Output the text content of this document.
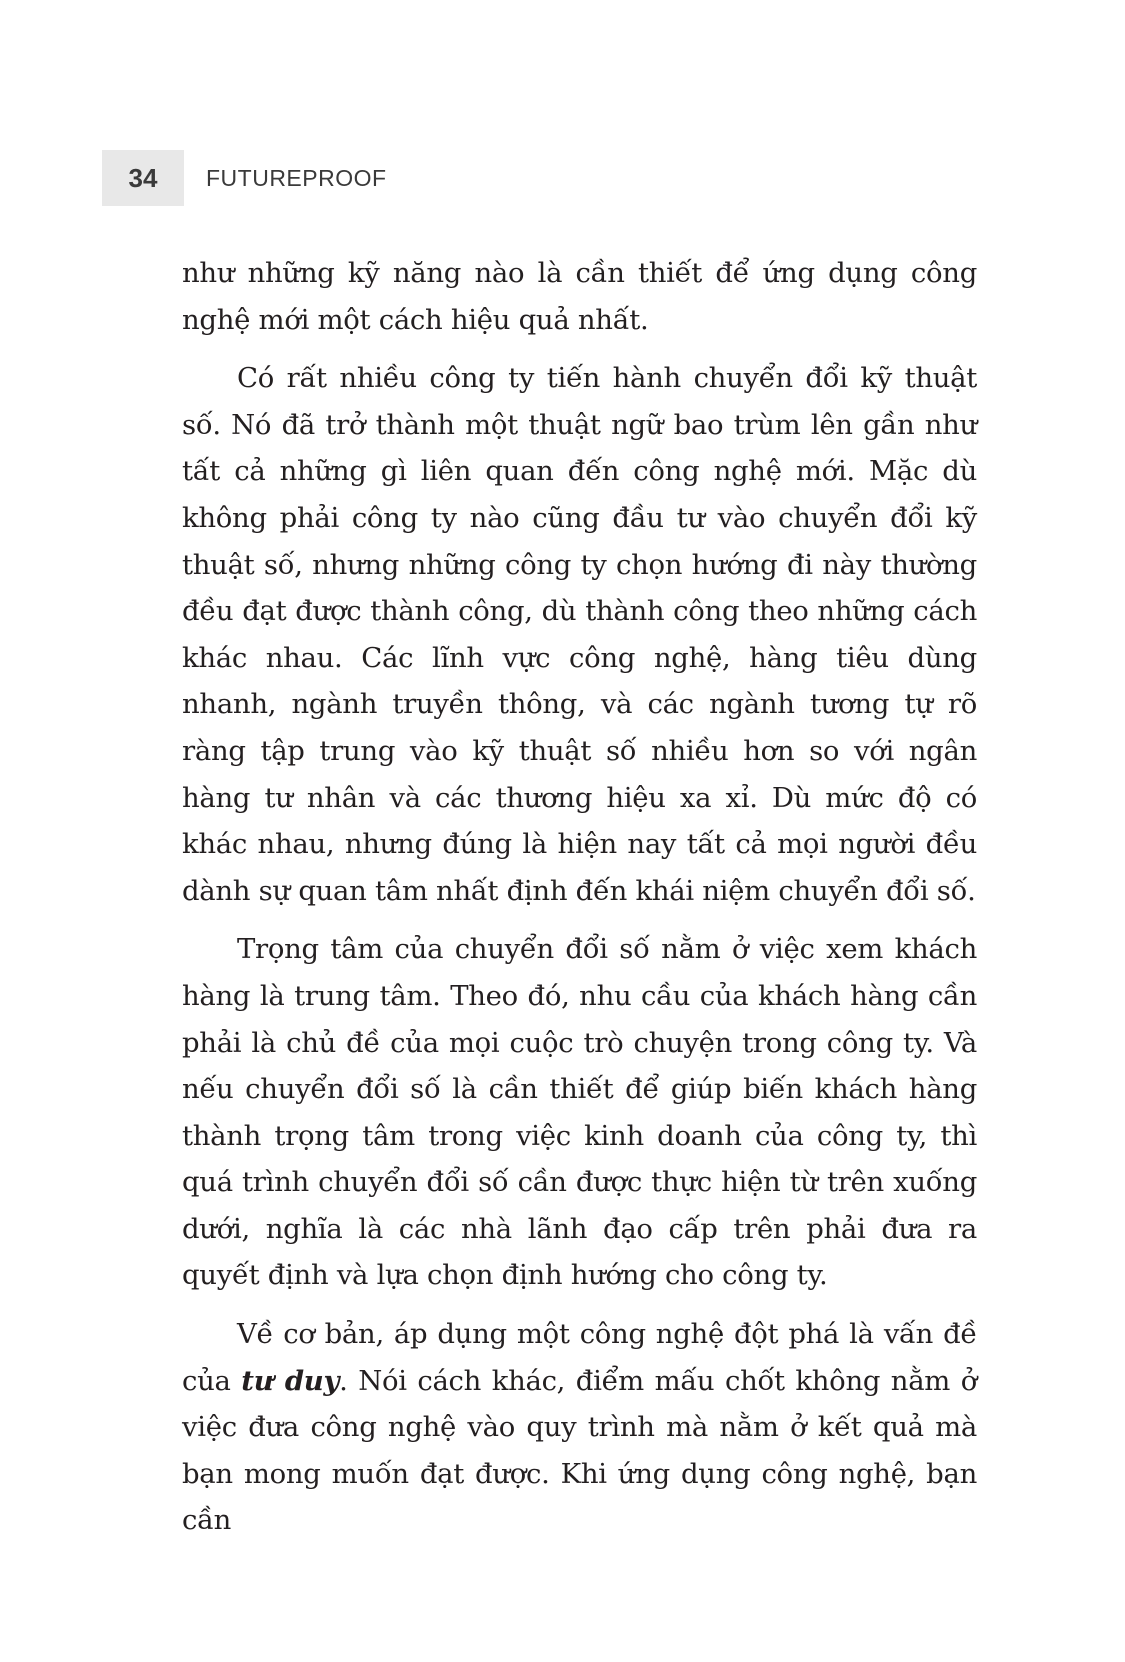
34	FUTUREPROOF

như những kỹ năng nào là cần thiết để ứng dụng công nghệ mới một cách hiệu quả nhất.

Có rất nhiều công ty tiến hành chuyển đổi kỹ thuật số. Nó đã trở thành một thuật ngữ bao trùm lên gần như tất cả những gì liên quan đến công nghệ mới. Mặc dù không phải công ty nào cũng đầu tư vào chuyển đổi kỹ thuật số, nhưng những công ty chọn hướng đi này thường đều đạt được thành công, dù thành công theo những cách khác nhau. Các lĩnh vực công nghệ, hàng tiêu dùng nhanh, ngành truyền thông, và các ngành tương tự rõ ràng tập trung vào kỹ thuật số nhiều hơn so với ngân hàng tư nhân và các thương hiệu xa xỉ. Dù mức độ có khác nhau, nhưng đúng là hiện nay tất cả mọi người đều dành sự quan tâm nhất định đến khái niệm chuyển đổi số.

Trọng tâm của chuyển đổi số nằm ở việc xem khách hàng là trung tâm. Theo đó, nhu cầu của khách hàng cần phải là chủ đề của mọi cuộc trò chuyện trong công ty. Và nếu chuyển đổi số là cần thiết để giúp biến khách hàng thành trọng tâm trong việc kinh doanh của công ty, thì quá trình chuyển đổi số cần được thực hiện từ trên xuống dưới, nghĩa là các nhà lãnh đạo cấp trên phải đưa ra quyết định và lựa chọn định hướng cho công ty.

Về cơ bản, áp dụng một công nghệ đột phá là vấn đề của tư duy. Nói cách khác, điểm mấu chốt không nằm ở việc đưa công nghệ vào quy trình mà nằm ở kết quả mà bạn mong muốn đạt được. Khi ứng dụng công nghệ, bạn cần
